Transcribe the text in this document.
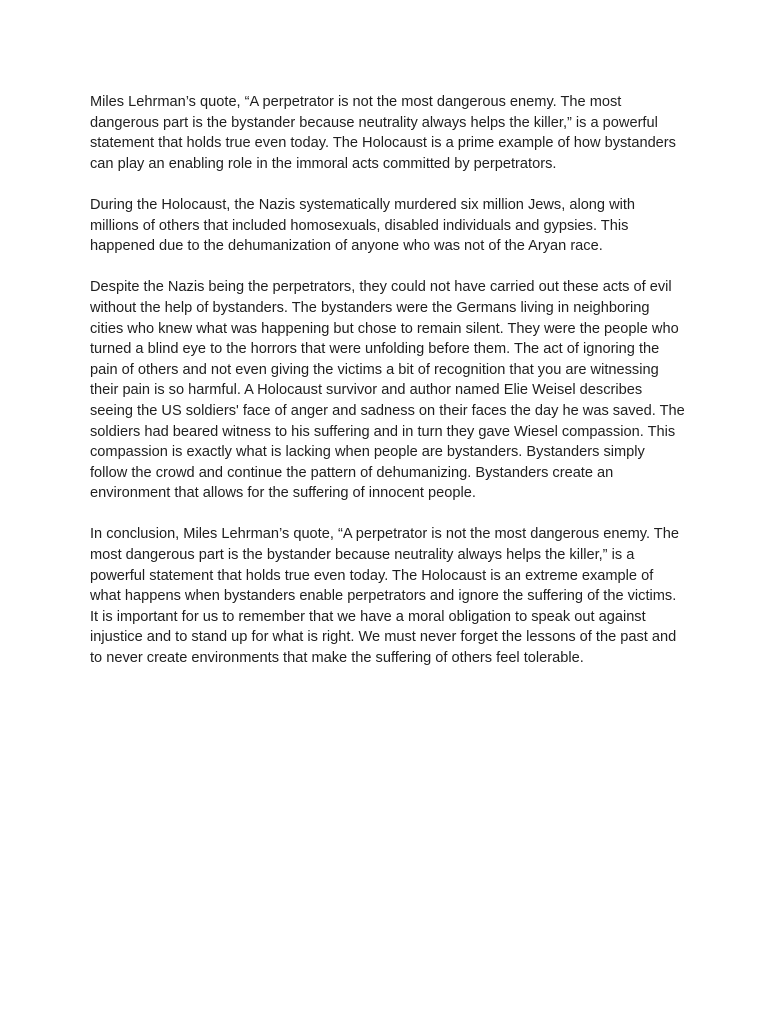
Miles Lehrman’s quote, “A perpetrator is not the most dangerous enemy. The most dangerous part is the bystander because neutrality always helps the killer,” is a powerful statement that holds true even today. The Holocaust is a prime example of how bystanders can play an enabling role in the immoral acts committed by perpetrators.

During the Holocaust, the Nazis systematically murdered six million Jews, along with millions of others that included homosexuals, disabled individuals and gypsies. This happened due to the dehumanization of anyone who was not of the Aryan race.

Despite the Nazis being the perpetrators, they could not have carried out these acts of evil without the help of bystanders. The bystanders were the Germans living in neighboring cities who knew what was happening but chose to remain silent. They were the people who turned a blind eye to the horrors that were unfolding before them. The act of ignoring the pain of others and not even giving the victims a bit of recognition that you are witnessing their pain is so harmful. A Holocaust survivor and author named Elie Weisel describes seeing the US soldiers' face of anger and sadness on their faces the day he was saved. The soldiers had beared witness to his suffering and in turn they gave Wiesel compassion. This compassion is exactly what is lacking when people are bystanders. Bystanders simply follow the crowd and continue the pattern of dehumanizing. Bystanders create an environment that allows for the suffering of innocent people.

In conclusion, Miles Lehrman’s quote, “A perpetrator is not the most dangerous enemy. The most dangerous part is the bystander because neutrality always helps the killer,” is a powerful statement that holds true even today. The Holocaust is an extreme example of what happens when bystanders enable perpetrators and ignore the suffering of the victims. It is important for us to remember that we have a moral obligation to speak out against injustice and to stand up for what is right. We must never forget the lessons of the past and to never create environments that make the suffering of others feel tolerable.
